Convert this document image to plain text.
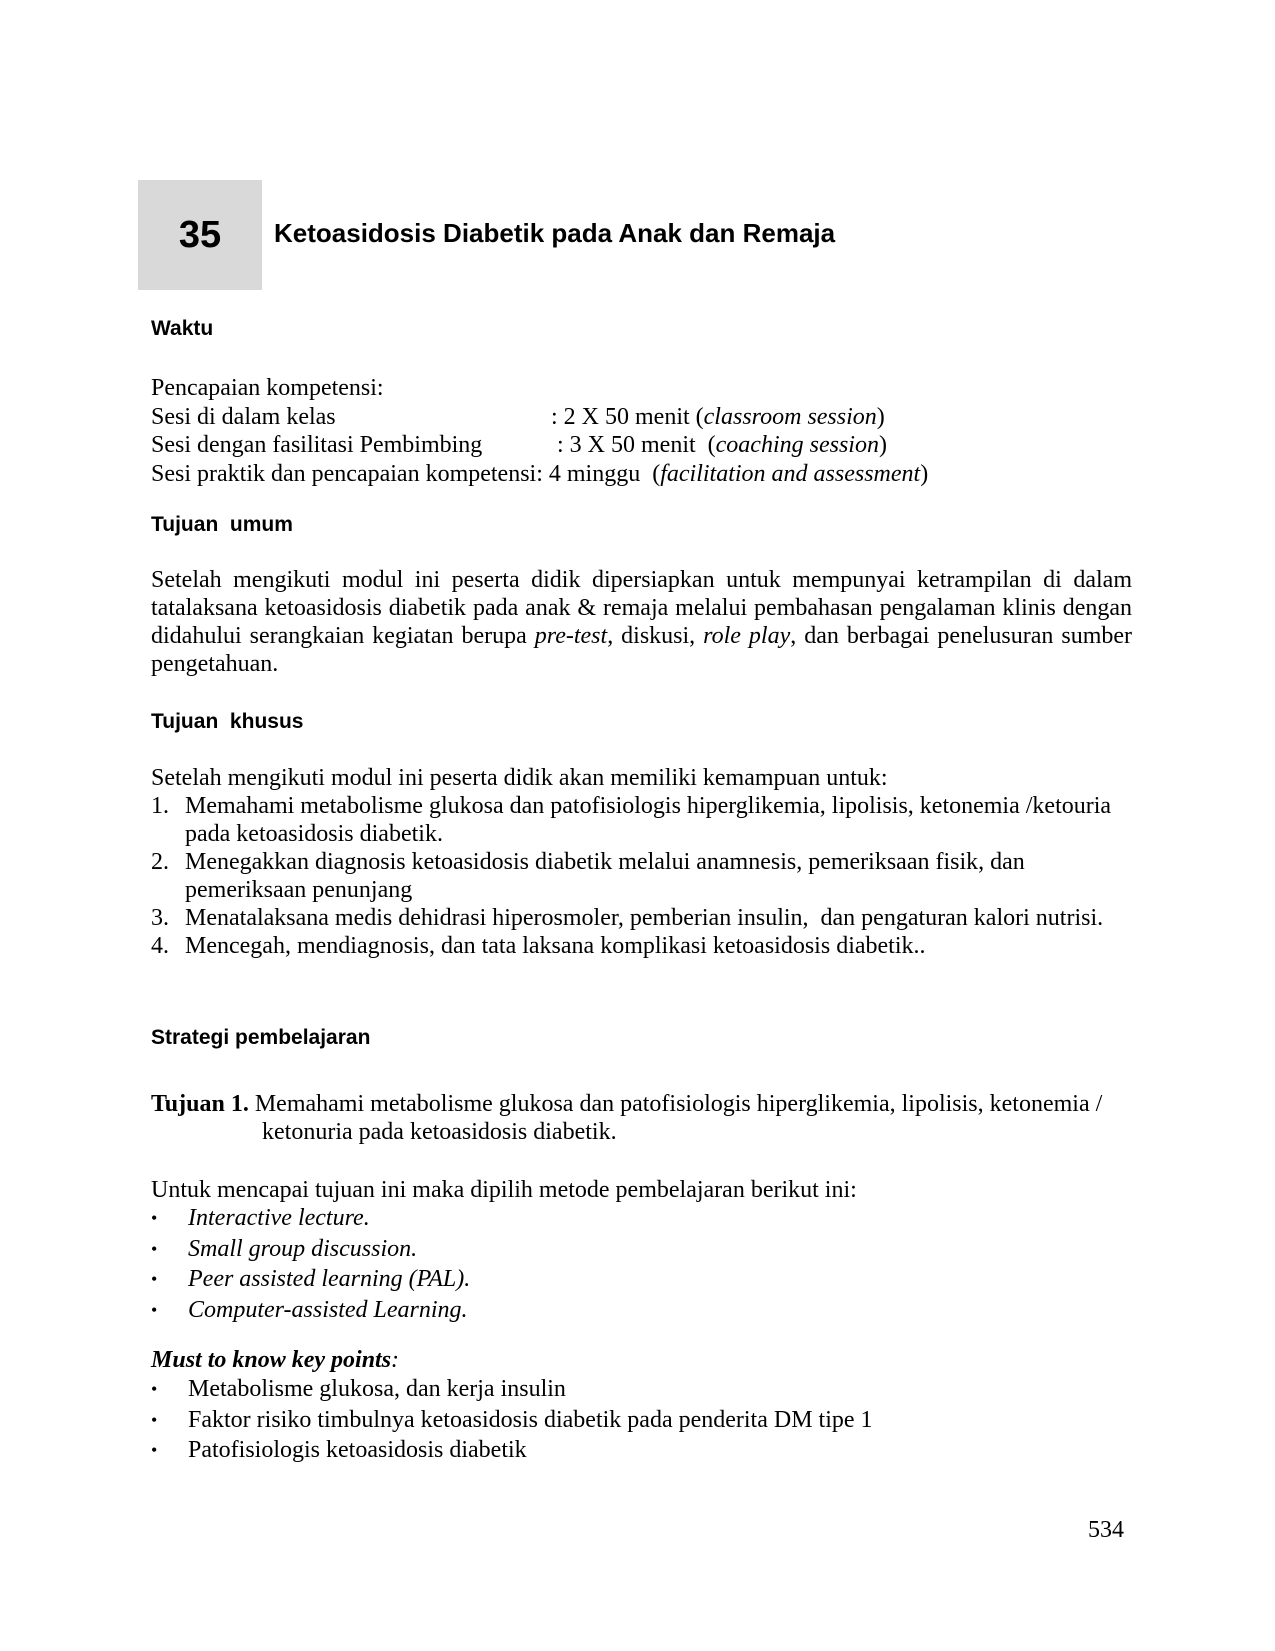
35 Ketoasidosis Diabetik pada Anak dan Remaja
Waktu
Pencapaian kompetensi:
Sesi di dalam kelas	: 2 X 50 menit ( classroom session )
Sesi dengan fasilitasi Pembimbing	: 3 X 50 menit  ( coaching session )
Sesi praktik dan pencapaian kompetensi : 4 minggu  ( facilitation and assessment )
Tujuan  umum
Setelah mengikuti modul ini peserta didik dipersiapkan untuk mempunyai ketrampilan di dalam tatalaksana ketoasidosis diabetik pada anak & remaja melalui pembahasan pengalaman klinis dengan didahului serangkaian kegiatan berupa pre-test, diskusi, role play, dan berbagai penelusuran sumber pengetahuan.
Tujuan  khusus
Setelah mengikuti modul ini peserta didik akan memiliki kemampuan untuk:
1. Memahami metabolisme glukosa dan patofisiologis hiperglikemia, lipolisis, ketonemia /ketouria pada ketoasidosis diabetik.
2. Menegakkan diagnosis ketoasidosis diabetik melalui anamnesis, pemeriksaan fisik, dan pemeriksaan penunjang
3. Menatalaksana medis dehidrasi hiperosmoler, pemberian insulin,  dan pengaturan kalori nutrisi.
4. Mencegah, mendiagnosis, dan tata laksana komplikasi ketoasidosis diabetik..
Strategi pembelajaran
Tujuan 1. Memahami metabolisme glukosa dan patofisiologis hiperglikemia, lipolisis, ketonemia / ketonuria pada ketoasidosis diabetik.
Untuk mencapai tujuan ini maka dipilih metode pembelajaran berikut ini:
•	Interactive lecture.
•	Small group discussion.
•	Peer assisted learning (PAL).
•	Computer-assisted Learning.
Must to know key points:
•	Metabolisme glukosa, dan kerja insulin
•	Faktor risiko timbulnya ketoasidosis diabetik pada penderita DM tipe 1
•	Patofisiologis ketoasidosis diabetik
534
